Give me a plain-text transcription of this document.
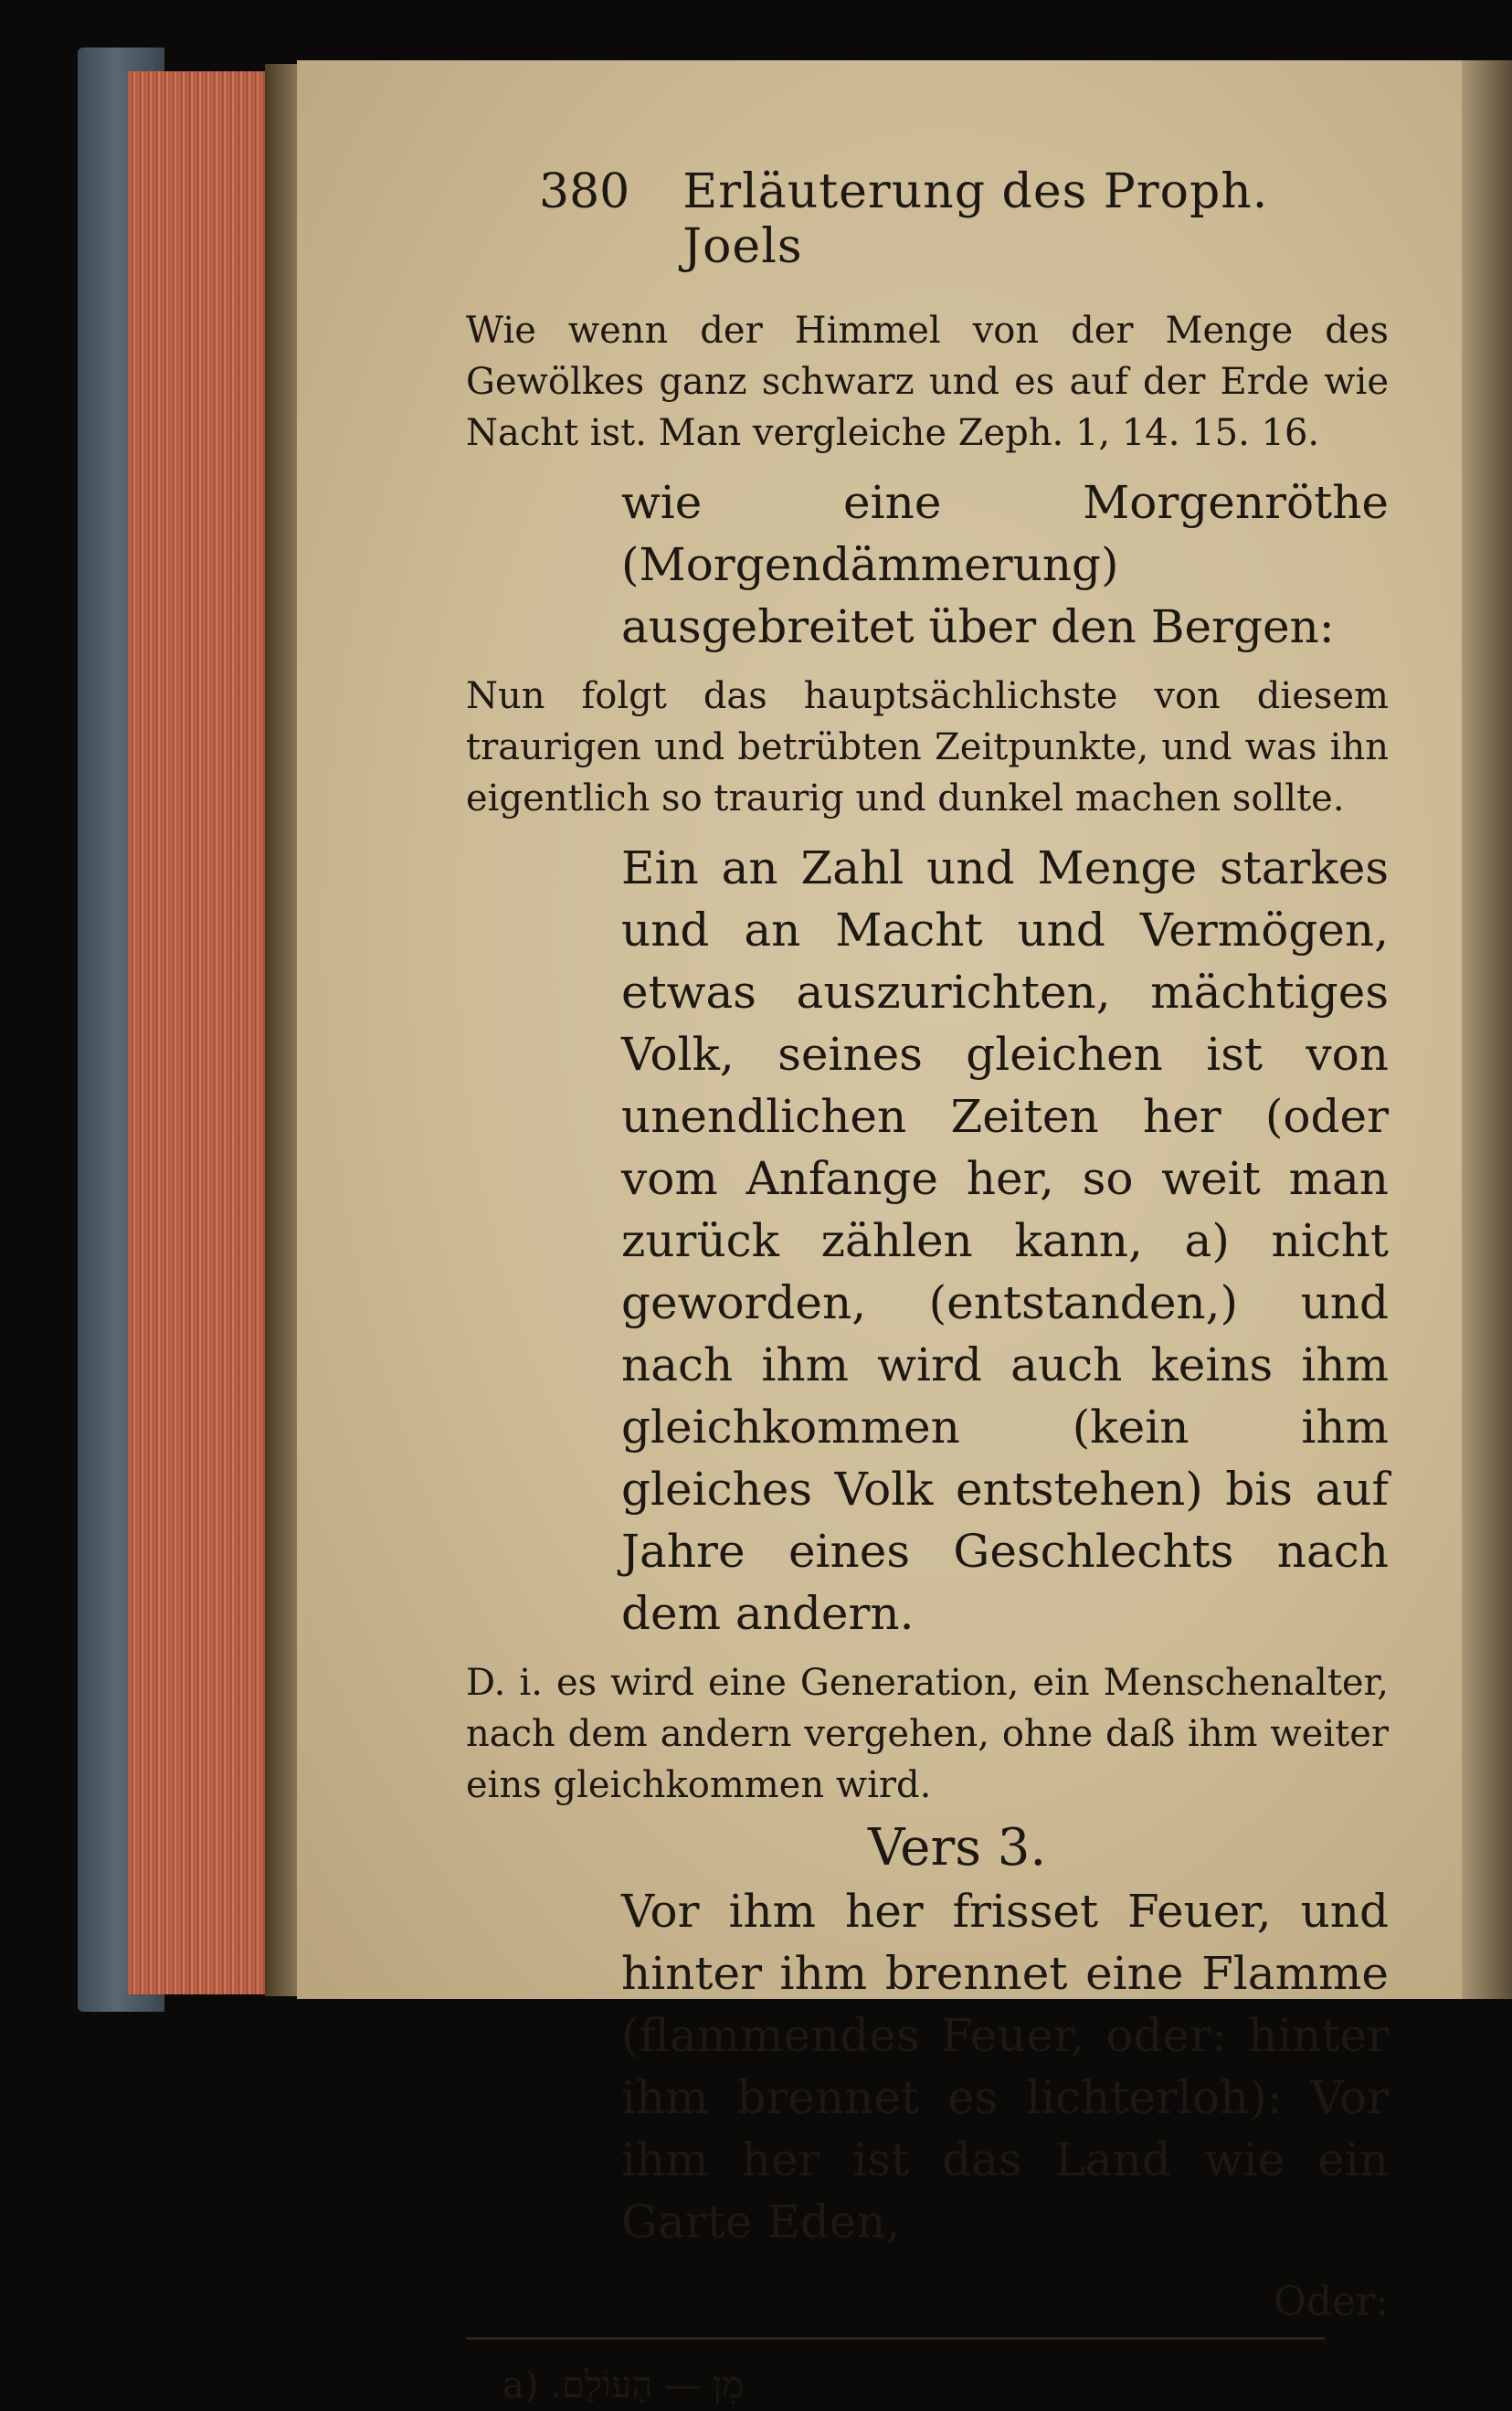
380 Erläuterung des Proph. Joels

Wie wenn der Himmel von der Menge des Gewölkes ganz schwarz und es auf der Erde wie Nacht ist. Man vergleiche Zeph. 1, 14. 15. 16.

wie eine Morgenröthe (Morgendämmerung) ausgebreitet über den Bergen:

Nun folgt das hauptsächlichste von diesem traurigen und betrübten Zeitpunkte, und was ihn eigentlich so traurig und dunkel machen sollte.

Ein an Zahl und Menge starkes und an Macht und Vermögen, etwas auszurichten, mächtiges Volk, seines gleichen ist von unendlichen Zeiten her (oder vom Anfange her, so weit man zurück zählen kann, a) nicht geworden, (entstanden,) und nach ihm wird auch keins ihm gleichkommen (kein ihm gleiches Volk entstehen) bis auf Jahre eines Geschlechts nach dem andern.

D. i. es wird eine Generation, ein Menschenalter, nach dem andern vergehen, ohne daß ihm weiter eins gleichkommen wird.

Vers 3.

Vor ihm her frisset Feuer, und hinter ihm brennet eine Flamme (flammendes Feuer, oder: hinter ihm brennet es lichterloh): Vor ihm her ist das Land wie ein Garte Eden,

Oder:
a) מִן — הָעוֹלָם.
